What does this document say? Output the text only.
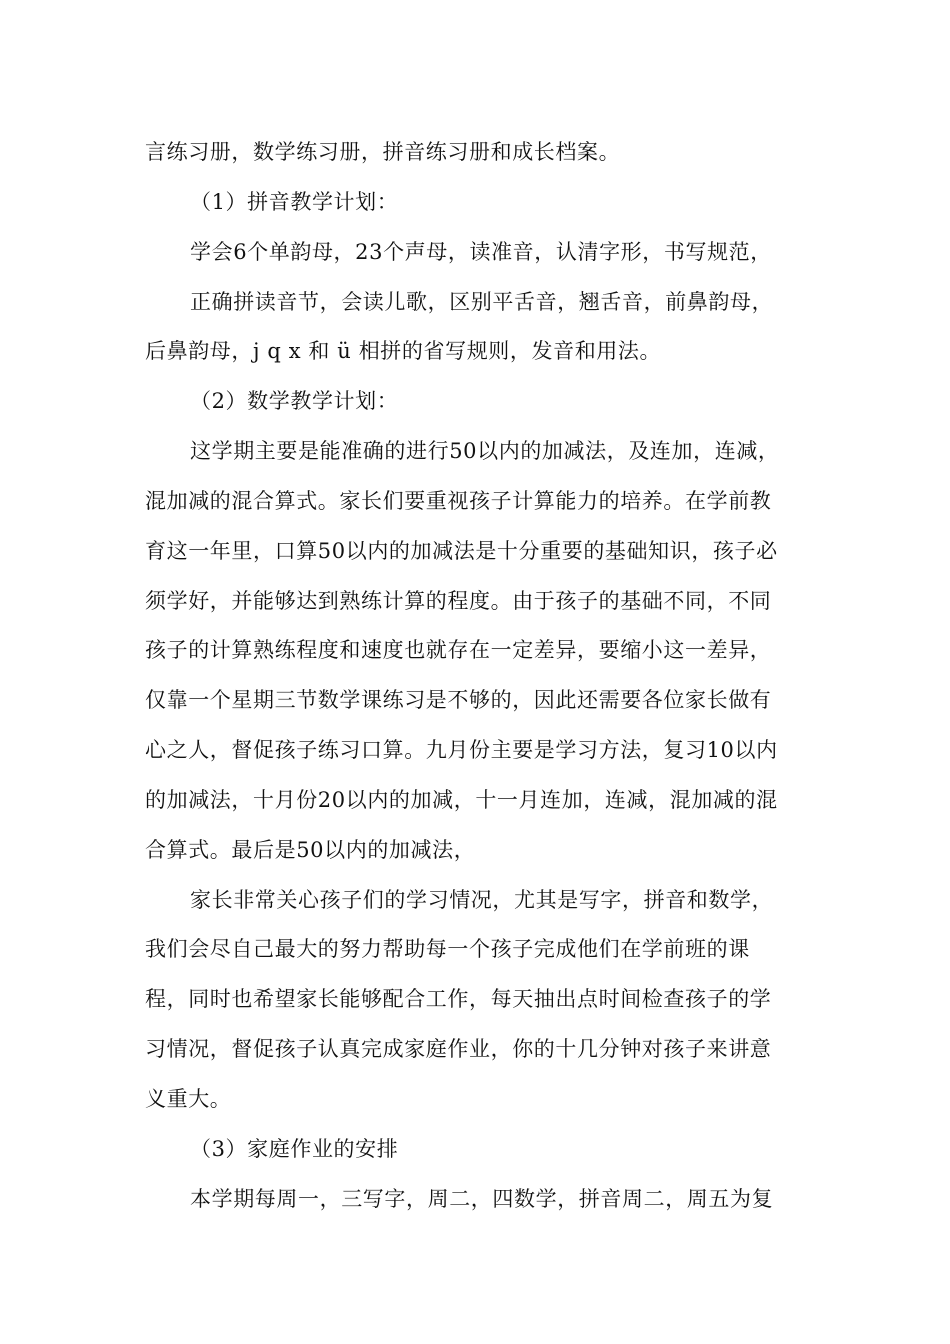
言练习册，数学练习册，拼音练习册和成长档案。
（1）拼音教学计划：
学会6个单韵母，23个声母，读准音，认清字形，书写规范，
正确拼读音节，会读儿歌，区别平舌音，翘舌音，前鼻韵母，
后鼻韵母，j q x 和 ü 相拼的省写规则，发音和用法。
（2）数学教学计划：
这学期主要是能准确的进行50以内的加减法，及连加，连减，
混加减的混合算式。家长们要重视孩子计算能力的培养。在学前教
育这一年里，口算50以内的加减法是十分重要的基础知识，孩子必
须学好，并能够达到熟练计算的程度。由于孩子的基础不同，不同
孩子的计算熟练程度和速度也就存在一定差异，要缩小这一差异，
仅靠一个星期三节数学课练习是不够的，因此还需要各位家长做有
心之人，督促孩子练习口算。九月份主要是学习方法，复习10以内
的加减法，十月份20以内的加减，十一月连加，连减，混加减的混
合算式。最后是50以内的加减法，
家长非常关心孩子们的学习情况，尤其是写字，拼音和数学，
我们会尽自己最大的努力帮助每一个孩子完成他们在学前班的课
程，同时也希望家长能够配合工作，每天抽出点时间检查孩子的学
习情况，督促孩子认真完成家庭作业，你的十几分钟对孩子来讲意
义重大。
（3）家庭作业的安排
本学期每周一，三写字，周二，四数学，拼音周二，周五为复
